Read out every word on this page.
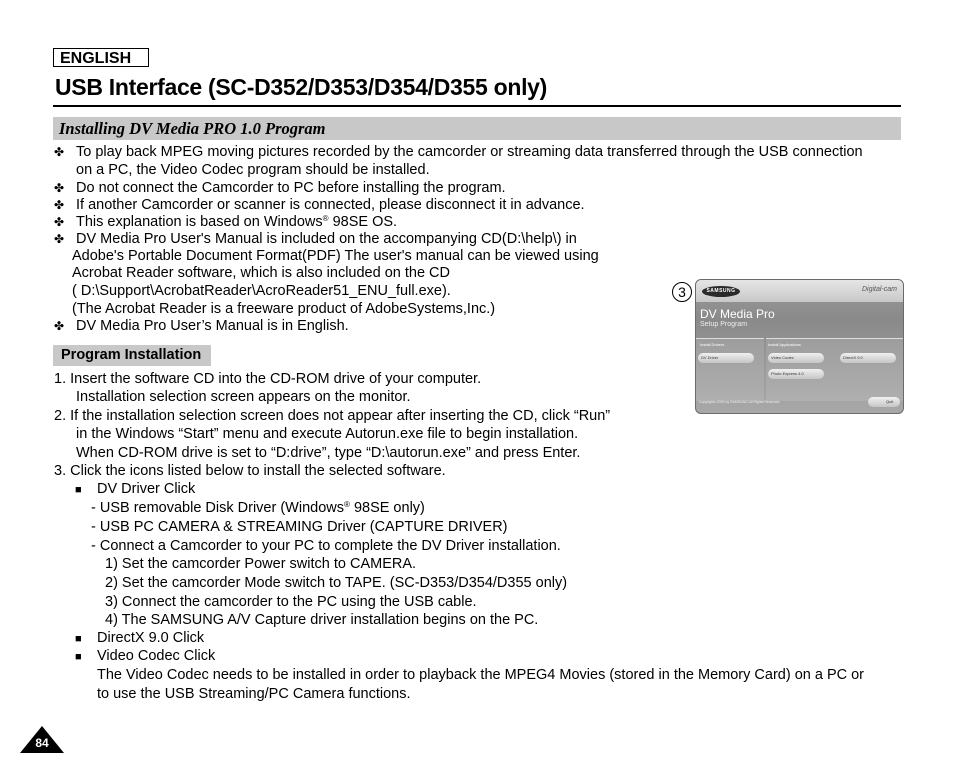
ENGLISH
USB Interface (SC-D352/D353/D354/D355 only)
Installing DV Media PRO 1.0 Program
✤ To play back MPEG moving pictures recorded by the camcorder or streaming data transferred through the USB connection
on a PC, the Video Codec program should be installed.
✤ Do not connect the Camcorder to PC before installing the program.
✤ If another Camcorder or scanner is connected, please disconnect it in advance.
✤ This explanation is based on Windows® 98SE OS.
✤ DV Media Pro User's Manual is included on the accompanying CD(D:\help\) in
Adobe's Portable Document Format(PDF) The user's manual can be viewed using
Acrobat Reader software, which is also included on the CD
( D:\Support\AcrobatReader\AcroReader51_ENU_full.exe).
(The Acrobat Reader is a freeware product of AdobeSystems,Inc.)
✤ DV Media Pro User’s Manual is in English.
Program Installation
1. Insert the software CD into the CD-ROM drive of your computer.
Installation selection screen appears on the monitor.
2. If the installation selection screen does not appear after inserting the CD, click “Run”
in the Windows “Start” menu and execute Autorun.exe file to begin installation.
When CD-ROM drive is set to “D:drive”, type “D:\autorun.exe” and press Enter.
3. Click the icons listed below to install the selected software.
■ DV Driver Click
- USB removable Disk Driver (Windows® 98SE only)
- USB PC CAMERA & STREAMING Driver (CAPTURE DRIVER)
- Connect a Camcorder to your PC to complete the DV Driver installation.
1) Set the camcorder Power switch to CAMERA.
2) Set the camcorder Mode switch to TAPE. (SC-D353/D354/D355 only)
3) Connect the camcorder to the PC using the USB cable.
4) The SAMSUNG A/V Capture driver installation begins on the PC.
■ DirectX 9.0 Click
■ Video Codec Click
The Video Codec needs to be installed in order to playback the MPEG4 Movies (stored in the Memory Card) on a PC or
to use the USB Streaming/PC Camera functions.
3	SAMSUNG	Digital-cam
DV Media Pro
Setup Program
Install Drivers	Install Applications
DV Driver	Video Codec	DirectX 9.0
Photo Express 4.0
Copyrights 2003 by SAMSUNG All Rights Reserved.	Quit
84
